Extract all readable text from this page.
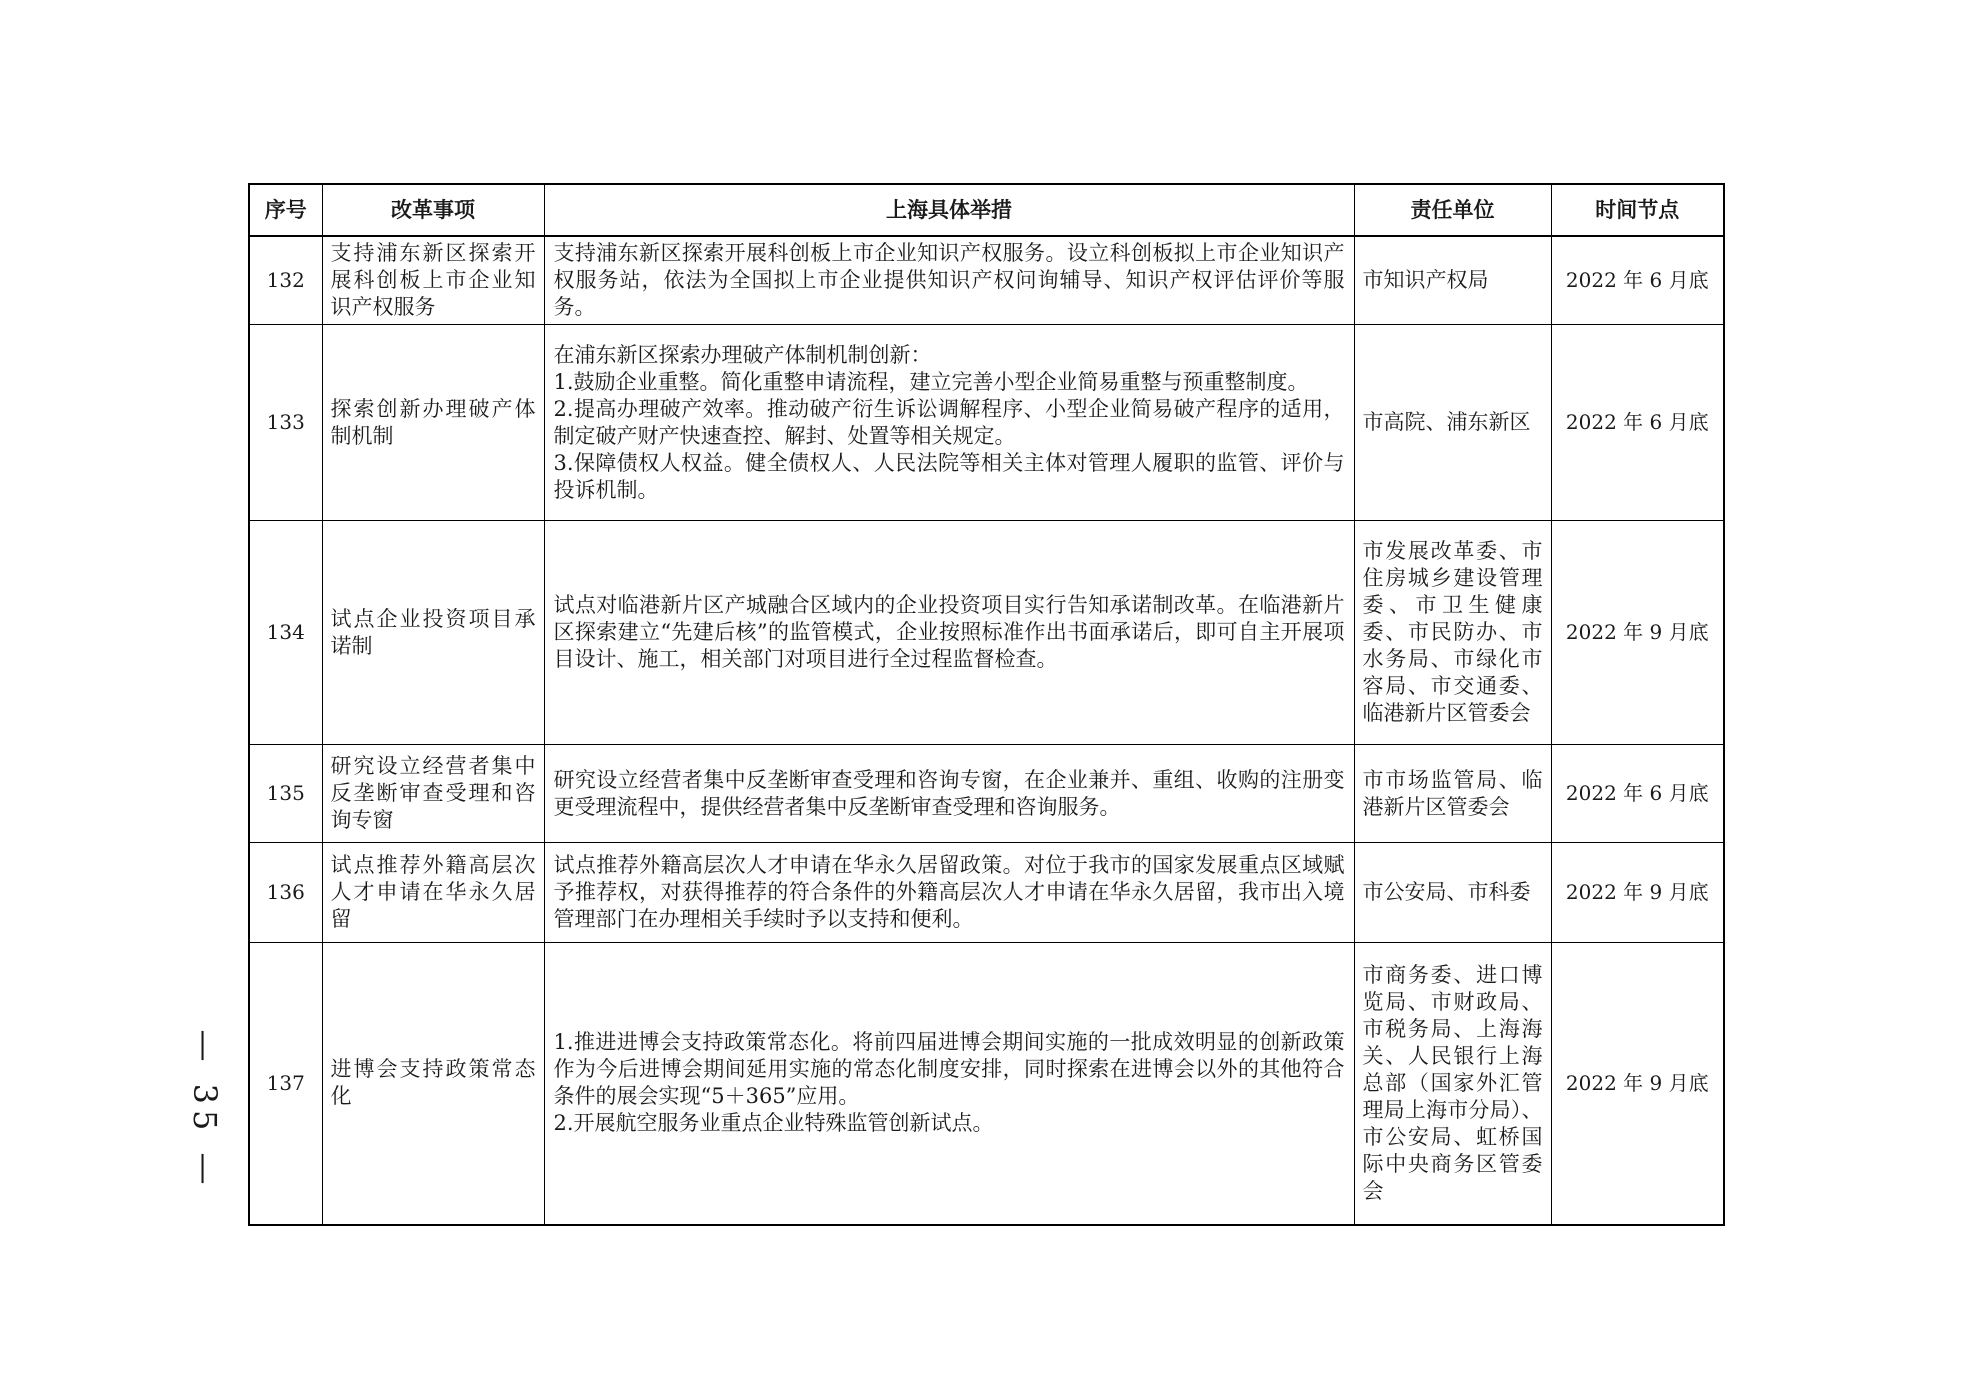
序号	改革事项	上海具体举措	责任单位	时间节点
132	支持浦东新区探索开展科创板上市企业知识产权服务	支持浦东新区探索开展科创板上市企业知识产权服务。设立科创板拟上市企业知识产权服务站，依法为全国拟上市企业提供知识产权问询辅导、知识产权评估评价等服务。	市知识产权局	2022 年 6 月底
133	探索创新办理破产体制机制	在浦东新区探索办理破产体制机制创新：
1.鼓励企业重整。简化重整申请流程，建立完善小型企业简易重整与预重整制度。
2.提高办理破产效率。推动破产衍生诉讼调解程序、小型企业简易破产程序的适用，制定破产财产快速查控、解封、处置等相关规定。
3.保障债权人权益。健全债权人、人民法院等相关主体对管理人履职的监管、评价与投诉机制。	市高院、浦东新区	2022 年 6 月底
134	试点企业投资项目承诺制	试点对临港新片区产城融合区域内的企业投资项目实行告知承诺制改革。在临港新片区探索建立“先建后核”的监管模式，企业按照标准作出书面承诺后，即可自主开展项目设计、施工，相关部门对项目进行全过程监督检查。	市发展改革委、市住房城乡建设管理委、市卫生健康委、市民防办、市水务局、市绿化市容局、市交通委、临港新片区管委会	2022 年 9 月底
135	研究设立经营者集中反垄断审查受理和咨询专窗	研究设立经营者集中反垄断审查受理和咨询专窗，在企业兼并、重组、收购的注册变更受理流程中，提供经营者集中反垄断审查受理和咨询服务。	市市场监管局、临港新片区管委会	2022 年 6 月底
136	试点推荐外籍高层次人才申请在华永久居留	试点推荐外籍高层次人才申请在华永久居留政策。对位于我市的国家发展重点区域赋予推荐权，对获得推荐的符合条件的外籍高层次人才申请在华永久居留，我市出入境管理部门在办理相关手续时予以支持和便利。	市公安局、市科委	2022 年 9 月底
137	进博会支持政策常态化	1.推进进博会支持政策常态化。将前四届进博会期间实施的一批成效明显的创新政策作为今后进博会期间延用实施的常态化制度安排，同时探索在进博会以外的其他符合条件的展会实现“5＋365”应用。
2.开展航空服务业重点企业特殊监管创新试点。	市商务委、进口博览局、市财政局、市税务局、上海海关、人民银行上海总部（国家外汇管理局上海市分局）、市公安局、虹桥国际中央商务区管委会	2022 年 9 月底
— 35 —
